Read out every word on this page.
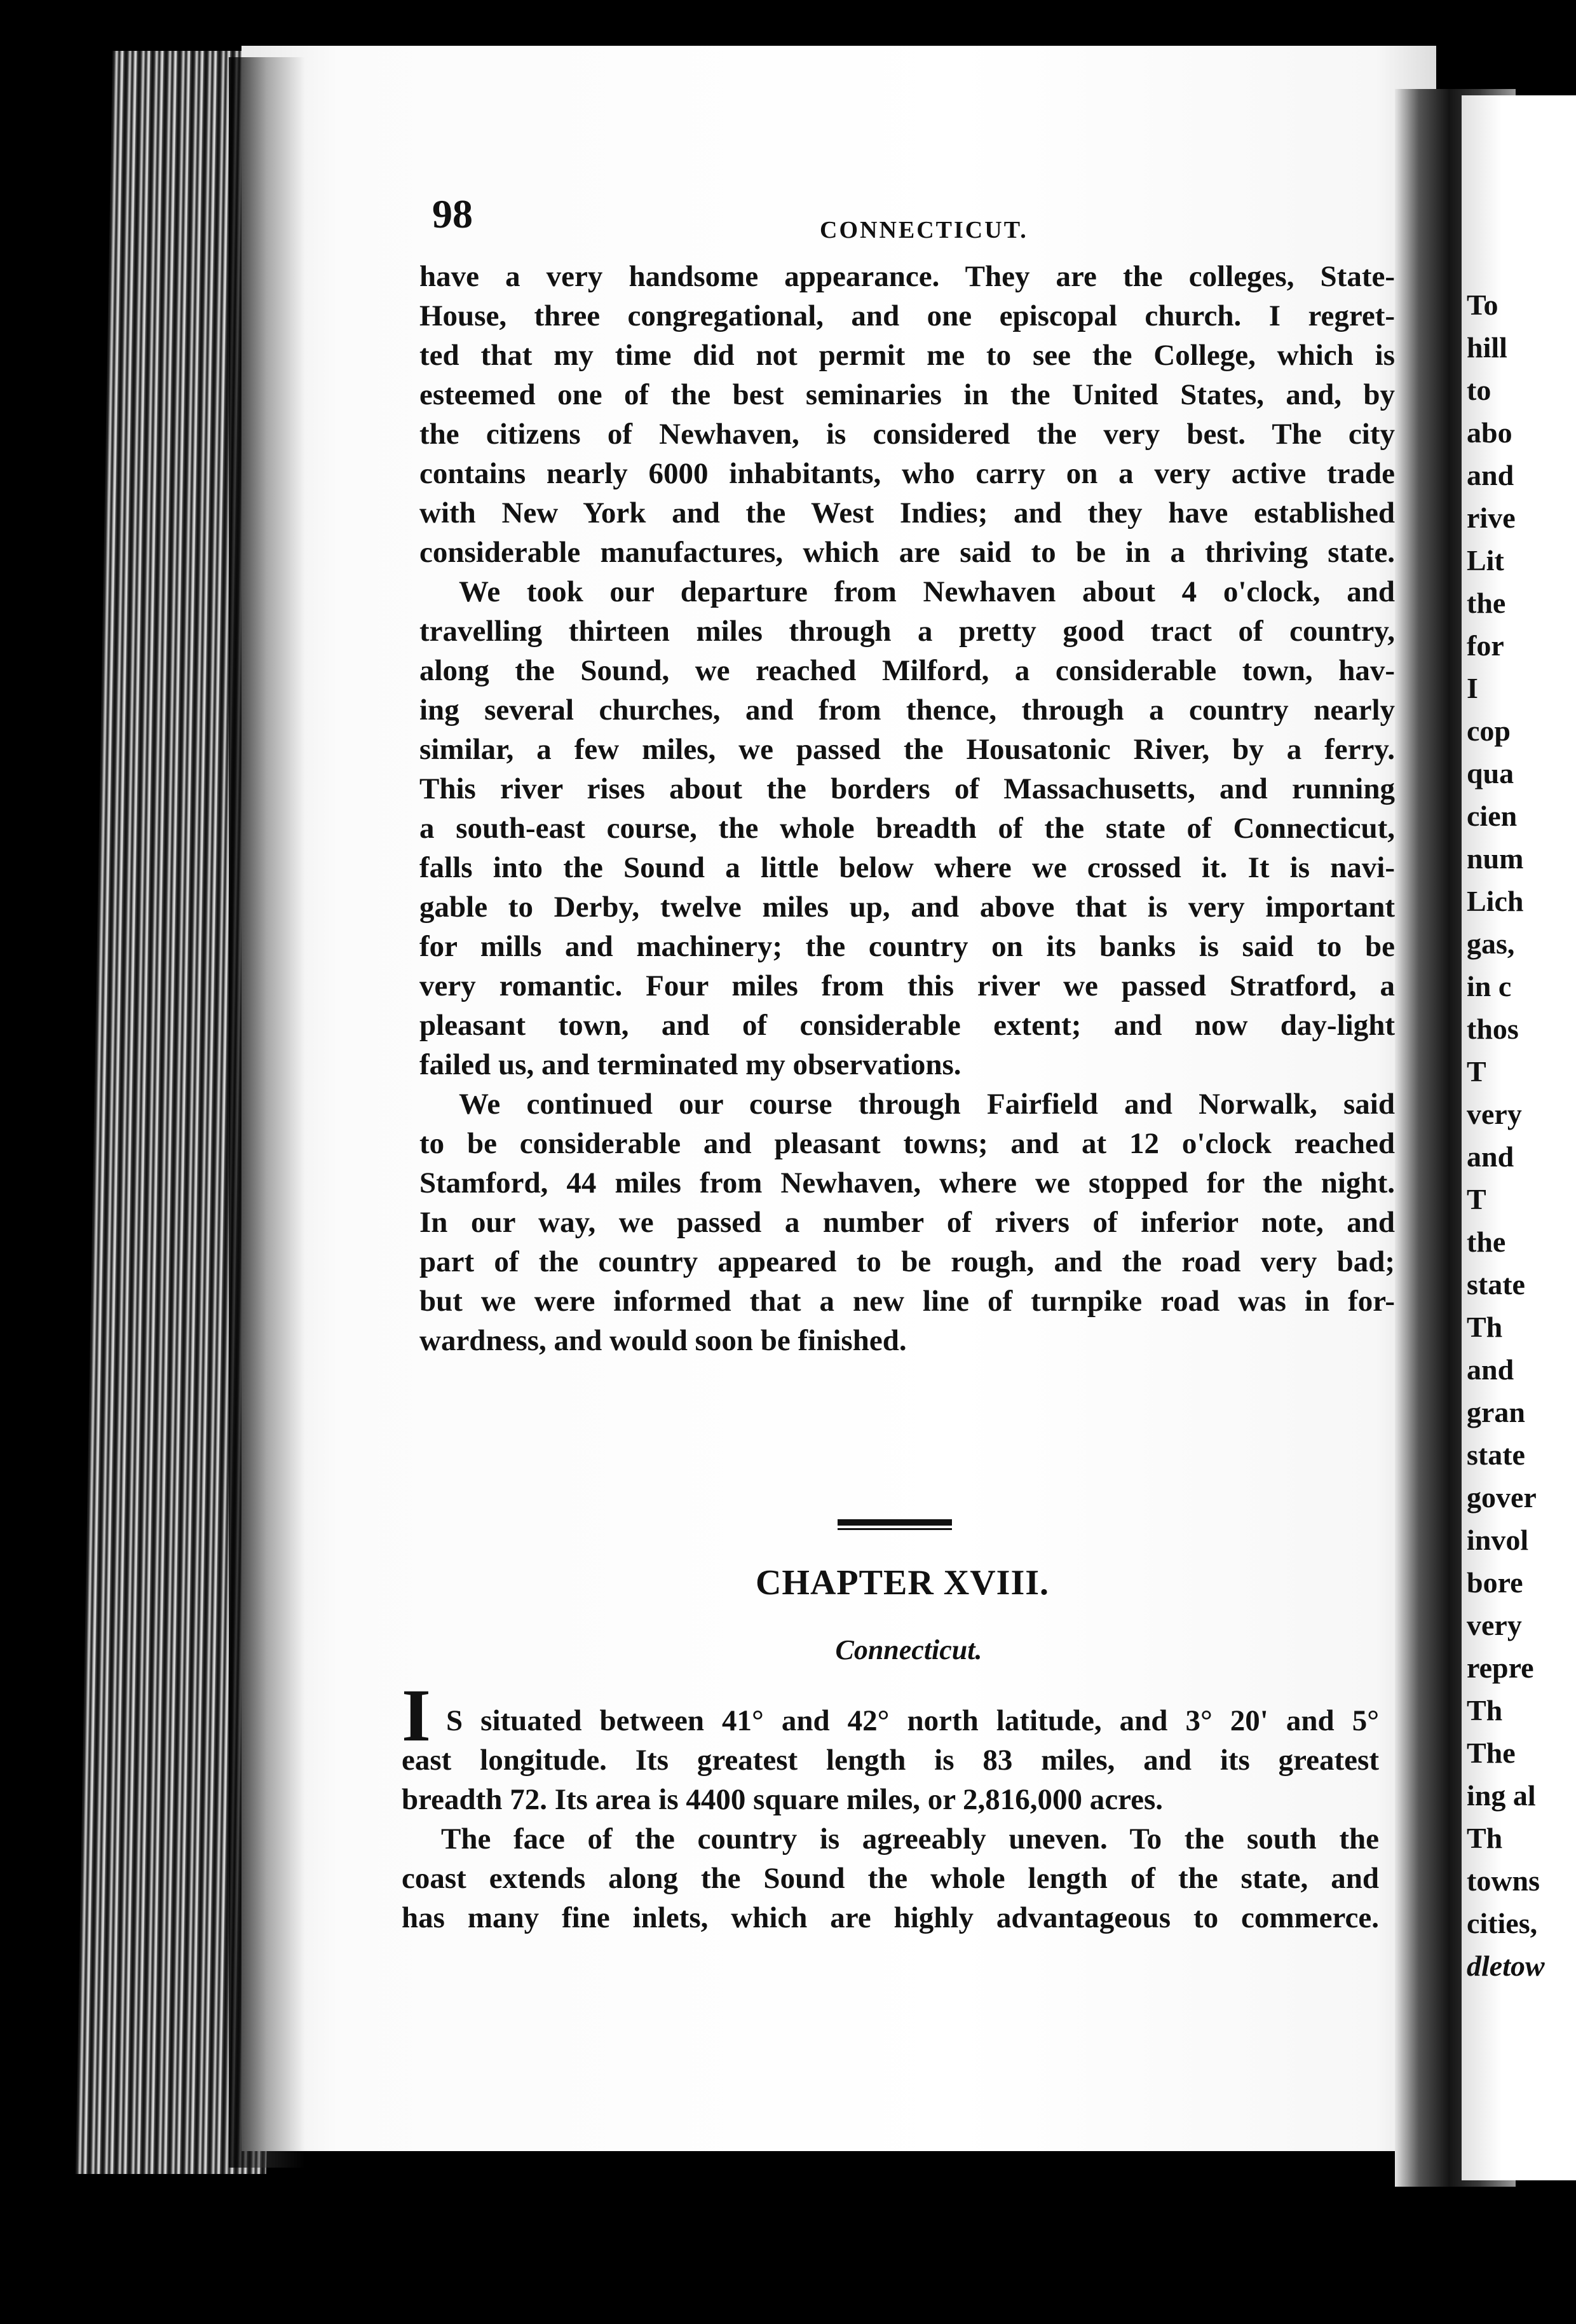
To
hill
to
abo
and
rive
Lit
the
for
I
cop
qua
cien
num
Lich
gas,
in c
thos
T
very
and
T
the
state
Th
and
gran
state
gover
invol
bore
very
repre
Th
The
ing al
Th
towns
cities,
dletow
98	CONNECTICUT.
have a very handsome appearance. They are the colleges, State-
House, three congregational, and one episcopal church. I regret-
ted that my time did not permit me to see the College, which is
esteemed one of the best seminaries in the United States, and, by
the citizens of Newhaven, is considered the very best. The city
contains nearly 6000 inhabitants, who carry on a very active trade
with New York and the West Indies; and they have established
considerable manufactures, which are said to be in a thriving state.
We took our departure from Newhaven about 4 o'clock, and
travelling thirteen miles through a pretty good tract of country,
along the Sound, we reached Milford, a considerable town, hav-
ing several churches, and from thence, through a country nearly
similar, a few miles, we passed the Housatonic River, by a ferry.
This river rises about the borders of Massachusetts, and running
a south-east course, the whole breadth of the state of Connecticut,
falls into the Sound a little below where we crossed it. It is navi-
gable to Derby, twelve miles up, and above that is very important
for mills and machinery; the country on its banks is said to be
very romantic. Four miles from this river we passed Stratford, a
pleasant town, and of considerable extent; and now day-light
failed us, and terminated my observations.
We continued our course through Fairfield and Norwalk, said
to be considerable and pleasant towns; and at 12 o'clock reached
Stamford, 44 miles from Newhaven, where we stopped for the night.
In our way, we passed a number of rivers of inferior note, and
part of the country appeared to be rough, and the road very bad;
but we were informed that a new line of turnpike road was in for-
wardness, and would soon be finished.
CHAPTER XVIII.
Connecticut.
I S situated between 41° and 42° north latitude, and 3° 20' and 5°
east longitude. Its greatest length is 83 miles, and its greatest
breadth 72. Its area is 4400 square miles, or 2,816,000 acres.
The face of the country is agreeably uneven. To the south the
coast extends along the Sound the whole length of the state, and
has many fine inlets, which are highly advantageous to commerce.
